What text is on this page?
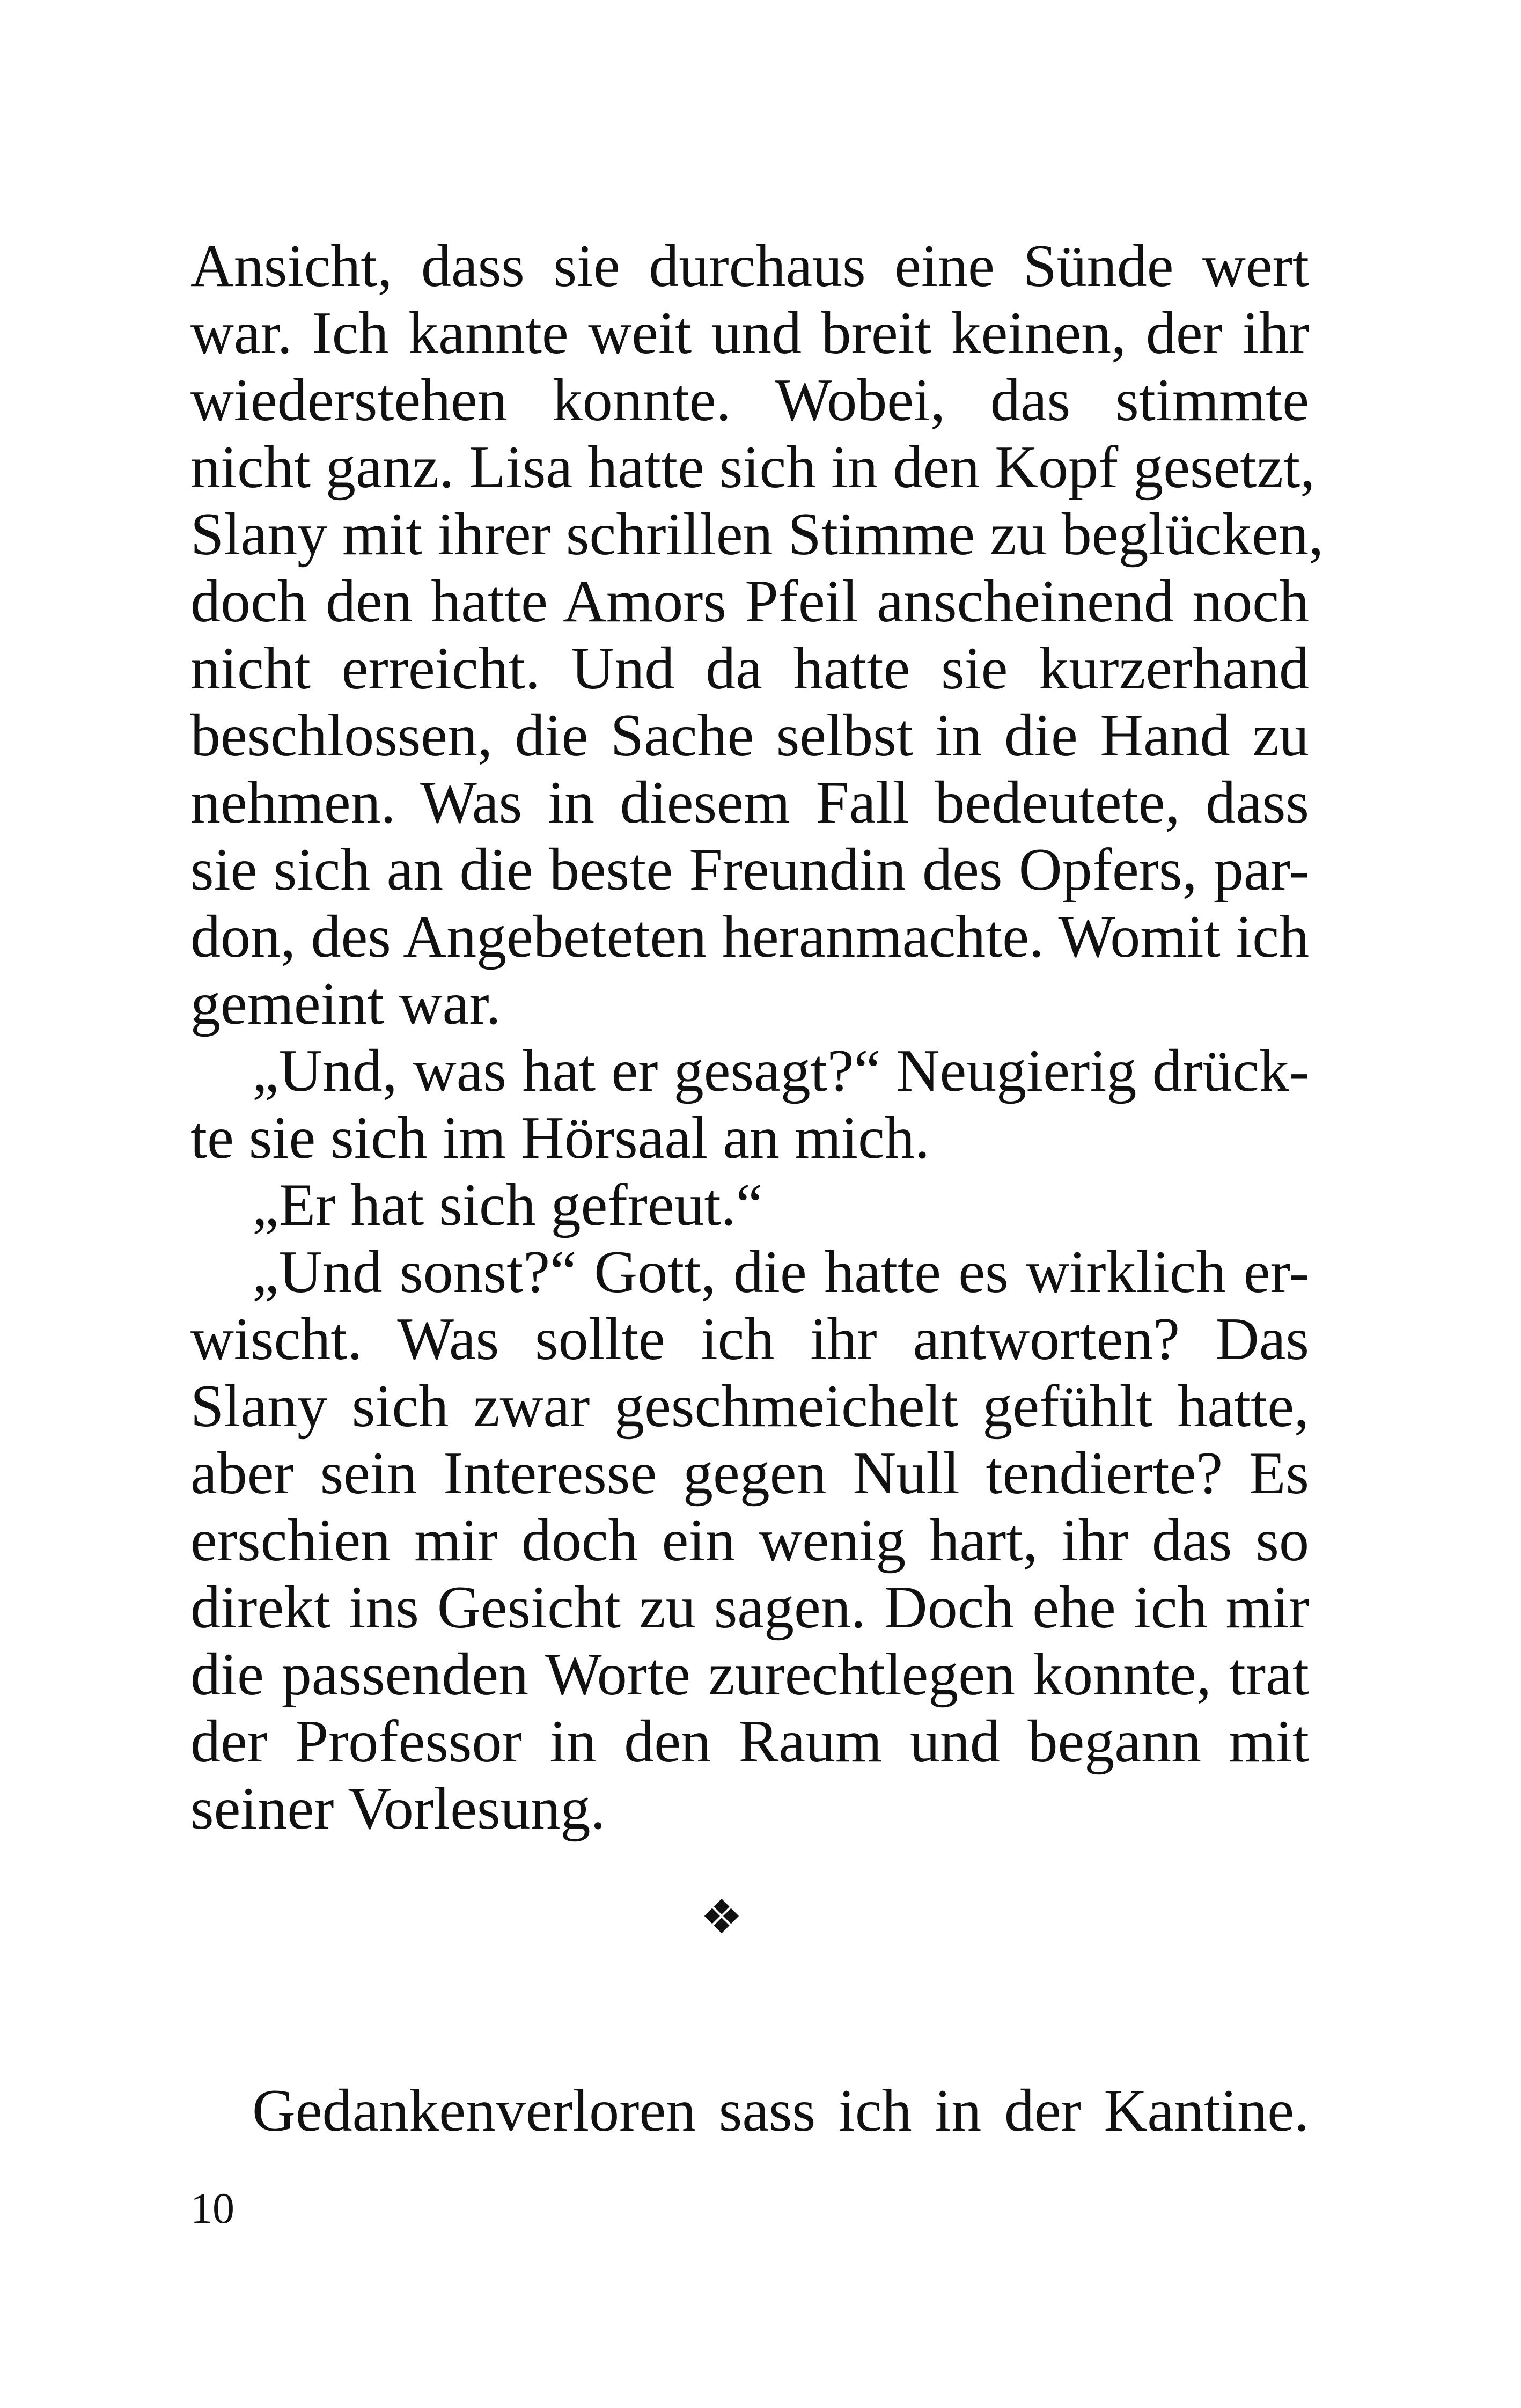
Ansicht, dass sie durchaus eine Sünde wert
war. Ich kannte weit und breit keinen, der ihr
wiederstehen konnte. Wobei, das stimmte
nicht ganz. Lisa hatte sich in den Kopf gesetzt,
Slany mit ihrer schrillen Stimme zu beglücken,
doch den hatte Amors Pfeil anscheinend noch
nicht erreicht. Und da hatte sie kurzerhand
beschlossen, die Sache selbst in die Hand zu
nehmen. Was in diesem Fall bedeutete, dass
sie sich an die beste Freundin des Opfers, par-
don, des Angebeteten heranmachte. Womit ich
gemeint war.
„Und, was hat er gesagt?“ Neugierig drück-
te sie sich im Hörsaal an mich.
„Er hat sich gefreut.“
„Und sonst?“ Gott, die hatte es wirklich er-
wischt. Was sollte ich ihr antworten? Das
Slany sich zwar geschmeichelt gefühlt hatte,
aber sein Interesse gegen Null tendierte? Es
erschien mir doch ein wenig hart, ihr das so
direkt ins Gesicht zu sagen. Doch ehe ich mir
die passenden Worte zurechtlegen konnte, trat
der Professor in den Raum und begann mit
seiner Vorlesung.
❖
Gedankenverloren sass ich in der Kantine.
10
